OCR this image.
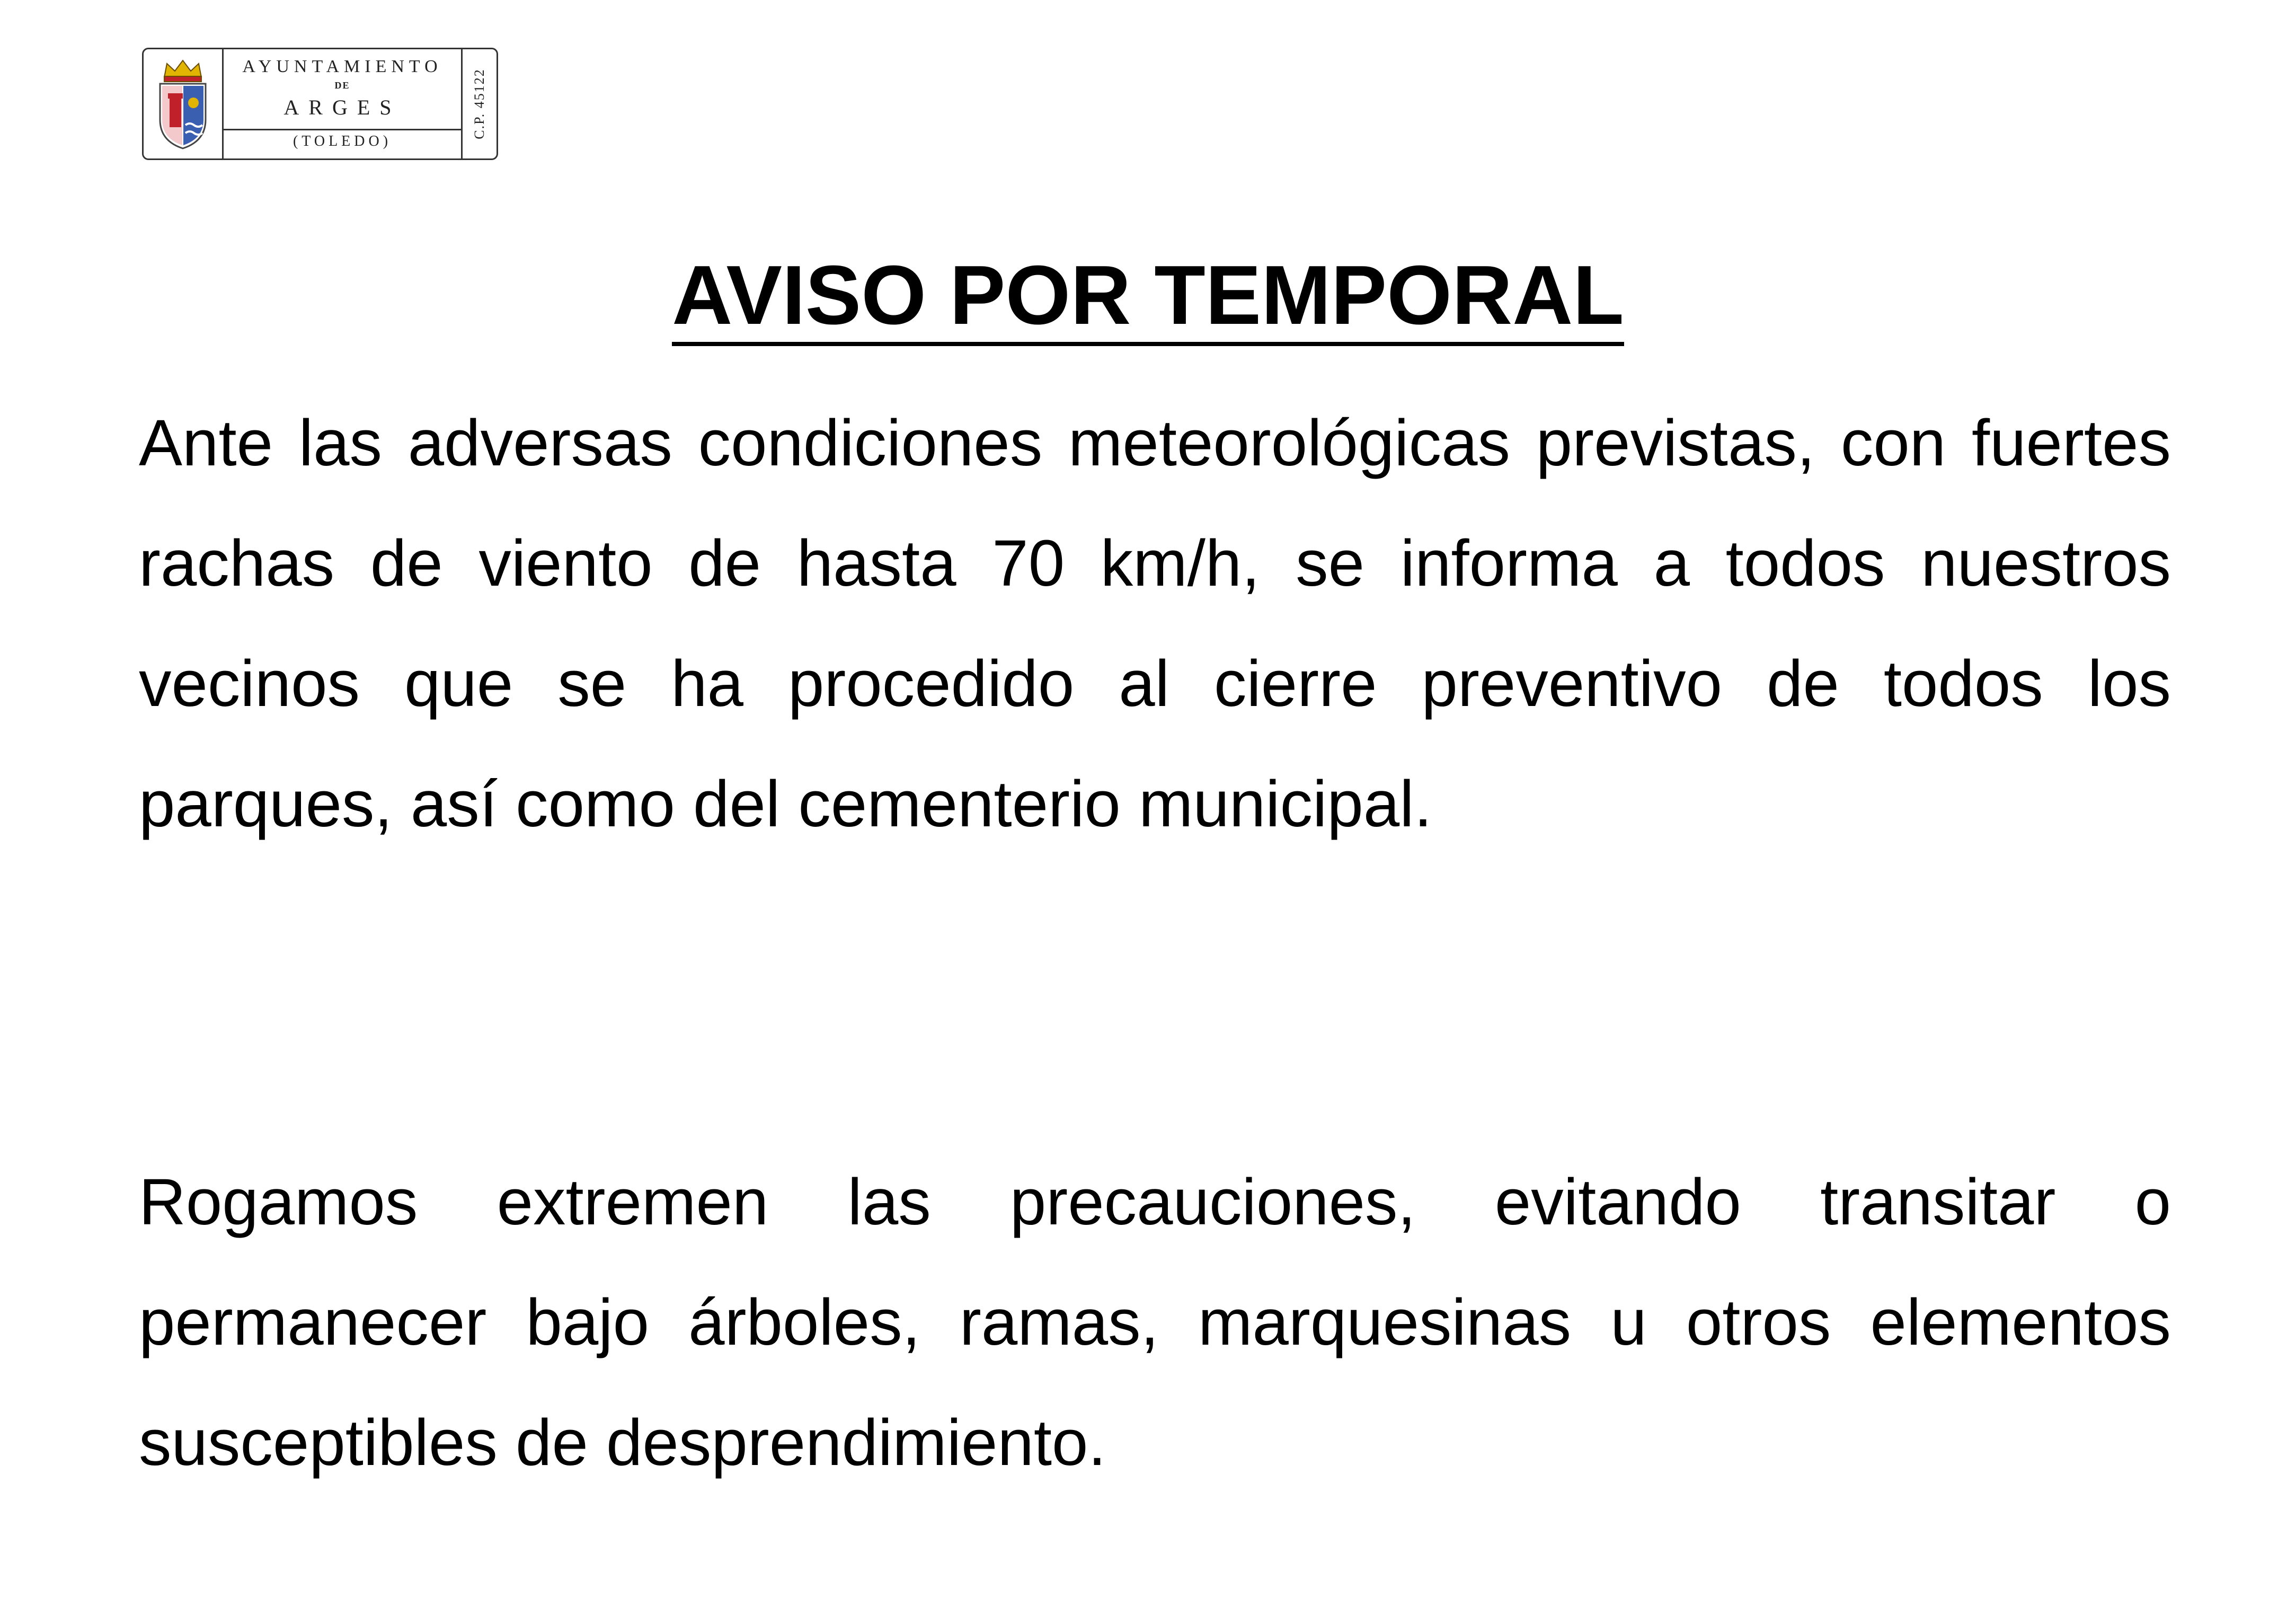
AYUNTAMIENTO
DE
ARGES
(TOLEDO)
C.P. 45122
AVISO POR TEMPORAL

Ante las adversas condiciones meteorológicas previstas, con fuertes rachas de viento de hasta 70 km/h, se informa a todos nuestros vecinos que se ha procedido al cierre preventivo de todos los parques, así como del cementerio municipal.

Rogamos extremen las precauciones, evitando transitar o permanecer bajo árboles, ramas, marquesinas u otros elementos susceptibles de desprendimiento.
